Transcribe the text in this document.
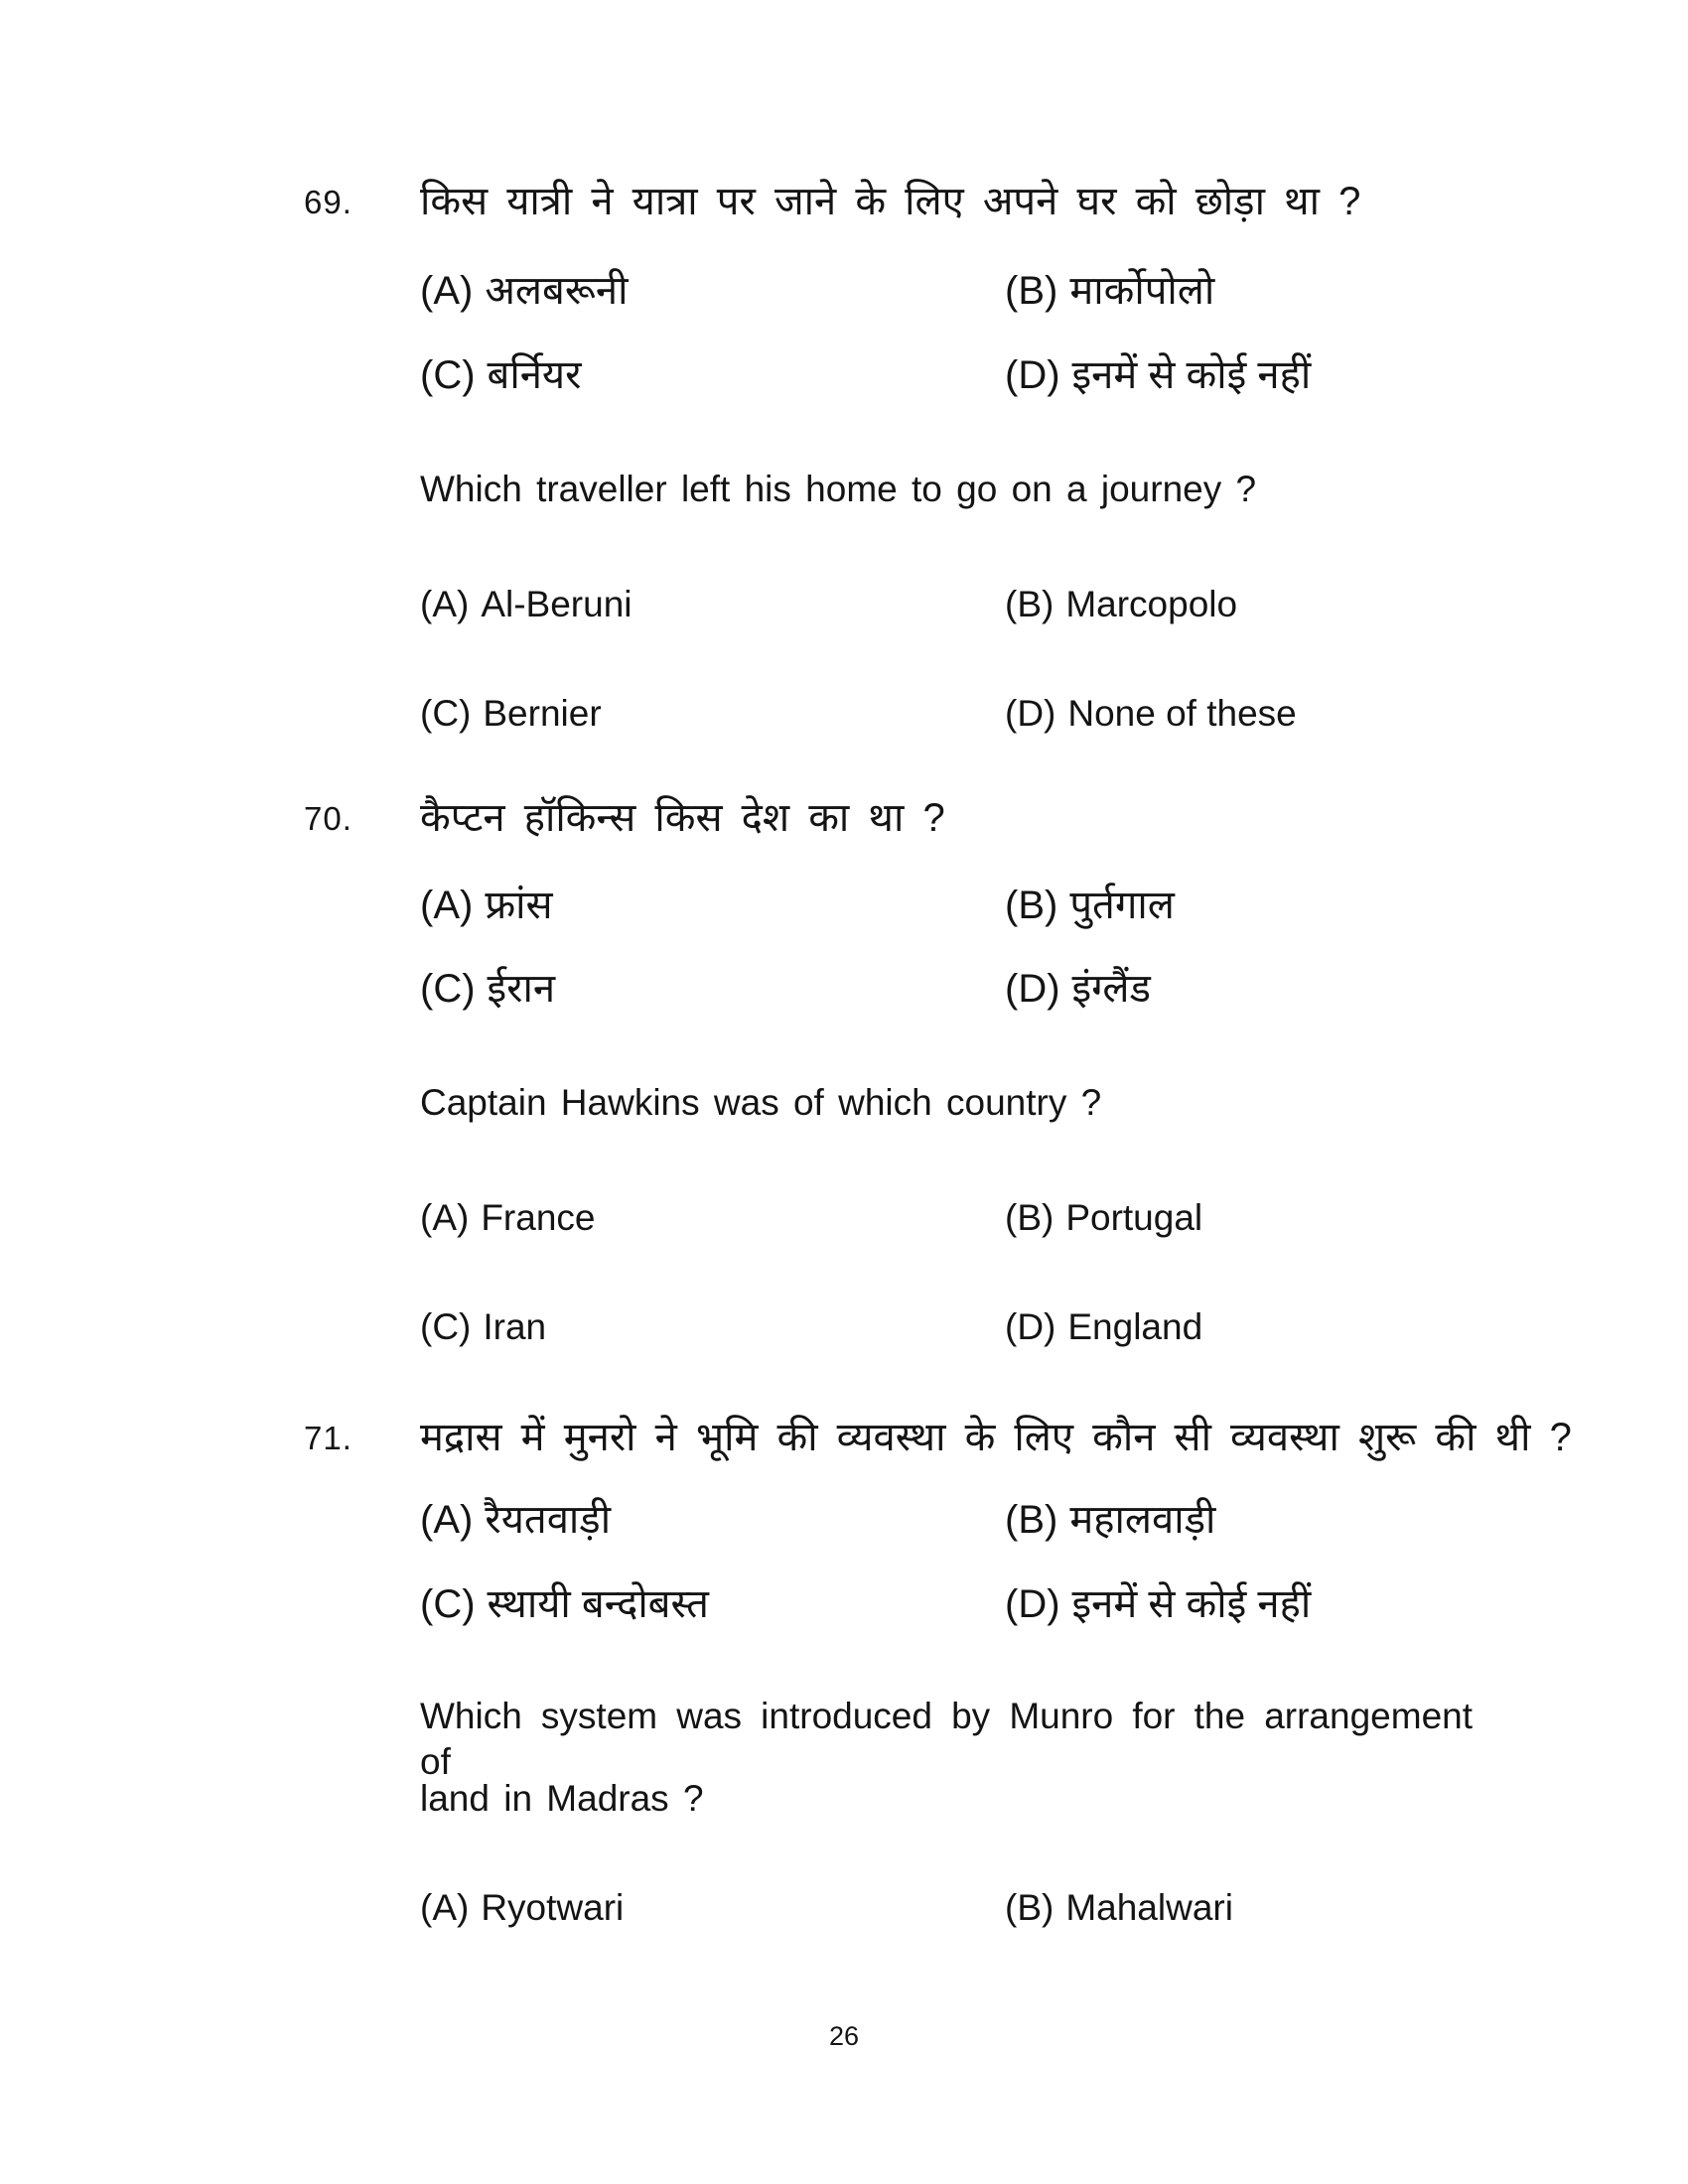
69. किस यात्री ने यात्रा पर जाने के लिए अपने घर को छोड़ा था ?
(A) अलबरूनी	(B) मार्कोपोलो
(C) बर्नियर	(D) इनमें से कोई नहीं
Which traveller left his home to go on a journey ?
(A) Al-Beruni	(B) Marcopolo
(C) Bernier	(D) None of these
70. कैप्टन हॉकिन्स किस देश का था ?
(A) फ्रांस	(B) पुर्तगाल
(C) ईरान	(D) इंग्लैंड
Captain Hawkins was of which country ?
(A) France	(B) Portugal
(C) Iran	(D) England
71. मद्रास में मुनरो ने भूमि की व्यवस्था के लिए कौन सी व्यवस्था शुरू की थी ?
(A) रैयतवाड़ी	(B) महालवाड़ी
(C) स्थायी बन्दोबस्त	(D) इनमें से कोई नहीं
Which system was introduced by Munro for the arrangement of
land in Madras ?
(A) Ryotwari	(B) Mahalwari
26
